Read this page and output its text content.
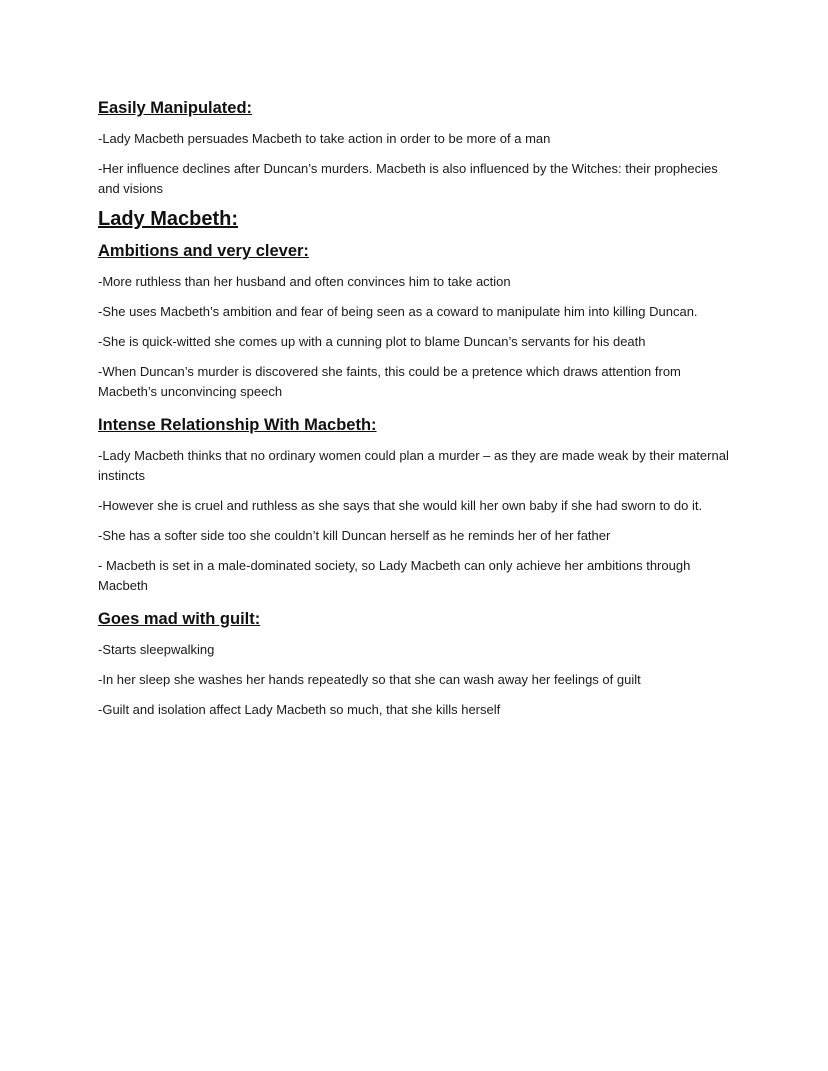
Easily Manipulated:
-Lady Macbeth persuades Macbeth to take action in order to be more of a man
-Her influence declines after Duncan’s murders. Macbeth is also influenced by the Witches: their prophecies and visions
Lady Macbeth:
Ambitions and very clever:
-More ruthless than her husband and often convinces him to take action
-She uses Macbeth’s ambition and fear of being seen as a coward to manipulate him into killing Duncan.
-She is quick-witted she comes up with a cunning plot to blame Duncan’s servants for his death
-When Duncan’s murder is discovered she faints, this could be a pretence which draws attention from Macbeth’s unconvincing speech
Intense Relationship With Macbeth:
-Lady Macbeth thinks that no ordinary women could plan a murder – as they are made weak by their maternal instincts
-However she is cruel and ruthless as she says that she would kill her own baby if she had sworn to do it.
-She has a softer side too she couldn’t kill Duncan herself as he reminds her of her father
- Macbeth is set in a male-dominated society, so Lady Macbeth can only achieve her ambitions through Macbeth
Goes mad with guilt:
-Starts sleepwalking
-In her sleep she washes her hands repeatedly so that she can wash away her feelings of guilt
-Guilt and isolation affect Lady Macbeth so much, that she kills herself
